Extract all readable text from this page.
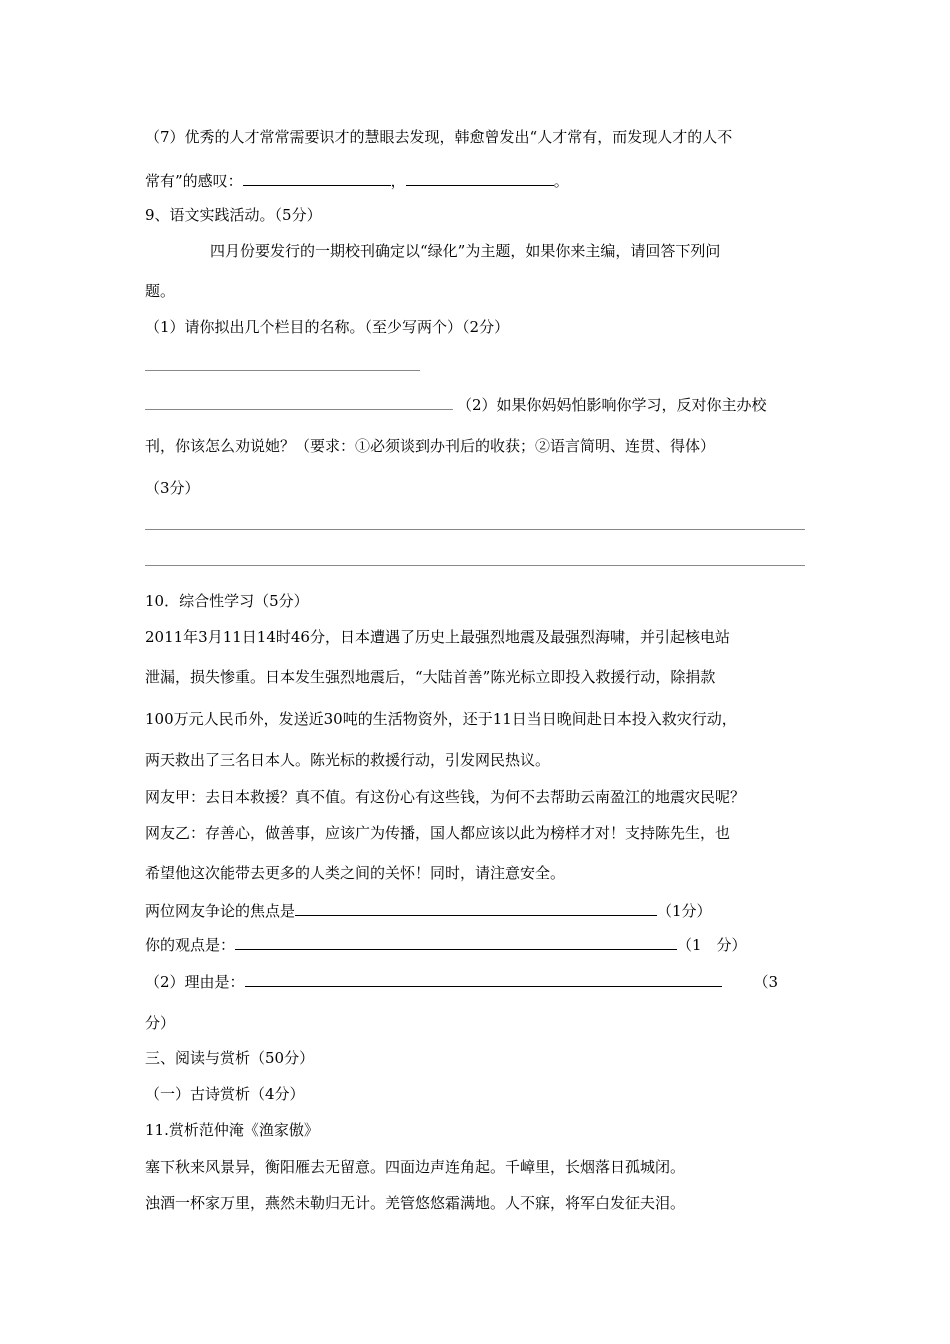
（7）优秀的人才常常需要识才的慧眼去发现，韩愈曾发出“人才常有，而发现人才的人不
常有”的感叹：	，	。
9、语文实践活动。（5分）
四月份要发行的一期校刊确定以“绿化”为主题，如果你来主编，请回答下列问
题。
（1）请你拟出几个栏目的名称。（至少写两个）（2分）
（2）如果你妈妈怕影响你学习，反对你主办校
刊，你该怎么劝说她？（要求：①必须谈到办刊后的收获；②语言简明、连贯、得体）
（3分）
10．综合性学习（5分）
2011年3月11日14时46分，日本遭遇了历史上最强烈地震及最强烈海啸，并引起核电站
泄漏，损失惨重。日本发生强烈地震后，“大陆首善”陈光标立即投入救援行动，除捐款
100万元人民币外，发送近30吨的生活物资外，还于11日当日晚间赴日本投入救灾行动，
两天救出了三名日本人。陈光标的救援行动，引发网民热议。
网友甲：去日本救援？真不值。有这份心有这些钱，为何不去帮助云南盈江的地震灾民呢？
网友乙：存善心，做善事，应该广为传播，国人都应该以此为榜样才对！支持陈先生，也
希望他这次能带去更多的人类之间的关怀！同时，请注意安全。
两位网友争论的焦点是	（1分）
你的观点是：	（1　分）
（2）理由是：	（3
分）
三、阅读与赏析（50分）
（一）古诗赏析（4分）
11.赏析范仲淹《渔家傲》
塞下秋来风景异，衡阳雁去无留意。四面边声连角起。千嶂里，长烟落日孤城闭。
浊酒一杯家万里，燕然未勒归无计。羌管悠悠霜满地。人不寐，将军白发征夫泪。
